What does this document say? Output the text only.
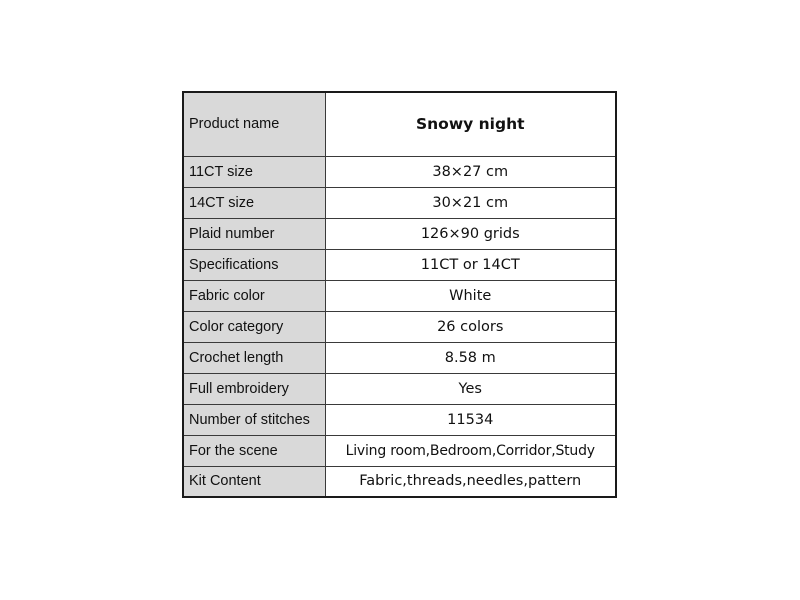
Product name	Snowy night
11CT size	38×27 cm
14CT size	30×21 cm
Plaid number	126×90 grids
Specifications	11CT or 14CT
Fabric color	White
Color category	26 colors
Crochet length	8.58 m
Full embroidery	Yes
Number of stitches	11534
For the scene	Living room,Bedroom,Corridor,Study
Kit Content	Fabric,threads,needles,pattern
